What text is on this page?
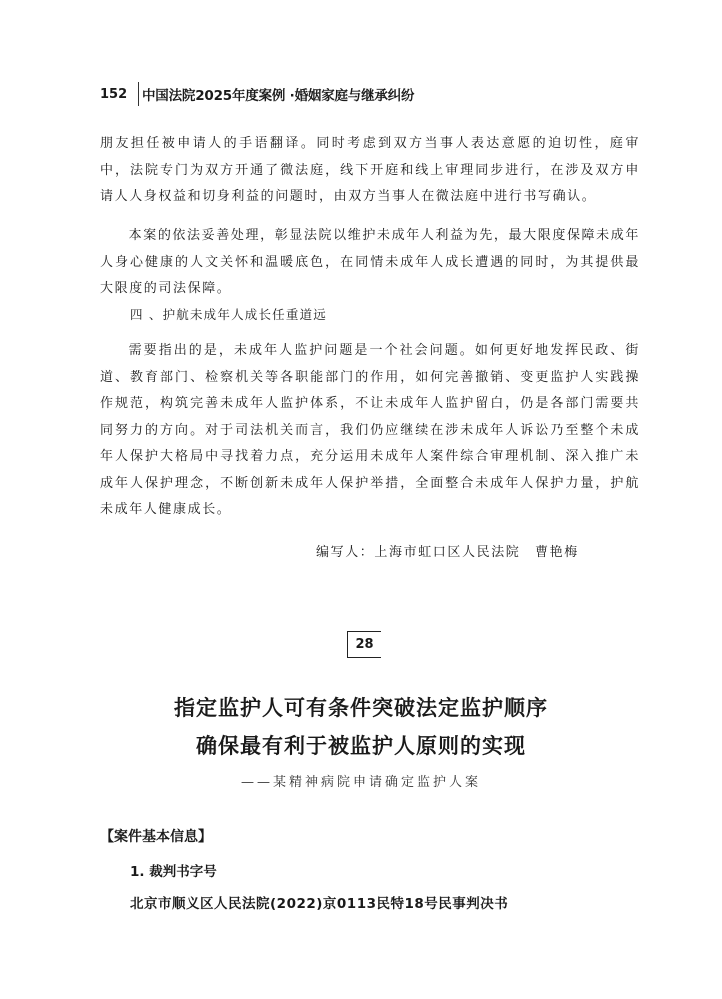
152	中国法院2025年度案例 ·婚姻家庭与继承纠纷

朋友担任被申请人的手语翻译。同时考虑到双方当事人表达意愿的迫切性，庭审中，法院专门为双方开通了微法庭，线下开庭和线上审理同步进行，在涉及双方申请人人身权益和切身利益的问题时，由双方当事人在微法庭中进行书写确认。

本案的依法妥善处理，彰显法院以维护未成年人利益为先，最大限度保障未成年人身心健康的人文关怀和温暖底色，在同情未成年人成长遭遇的同时，为其提供最大限度的司法保障。

四 、护航未成年人成长任重道远

需要指出的是，未成年人监护问题是一个社会问题。如何更好地发挥民政、街道、教育部门、检察机关等各职能部门的作用，如何完善撤销、变更监护人实践操作规范，构筑完善未成年人监护体系，不让未成年人监护留白，仍是各部门需要共同努力的方向。对于司法机关而言，我们仍应继续在涉未成年人诉讼乃至整个未成年人保护大格局中寻找着力点，充分运用未成年人案件综合审理机制、深入推广未成年人保护理念，不断创新未成年人保护举措，全面整合未成年人保护力量，护航未成年人健康成长。

编写人：上海市虹口区人民法院　曹艳梅
28
指定监护人可有条件突破法定监护顺序
确保最有利于被监护人原则的实现
——某精神病院申请确定监护人案
【案件基本信息】
1. 裁判书字号
北京市顺义区人民法院(2022)京0113民特18号民事判决书
